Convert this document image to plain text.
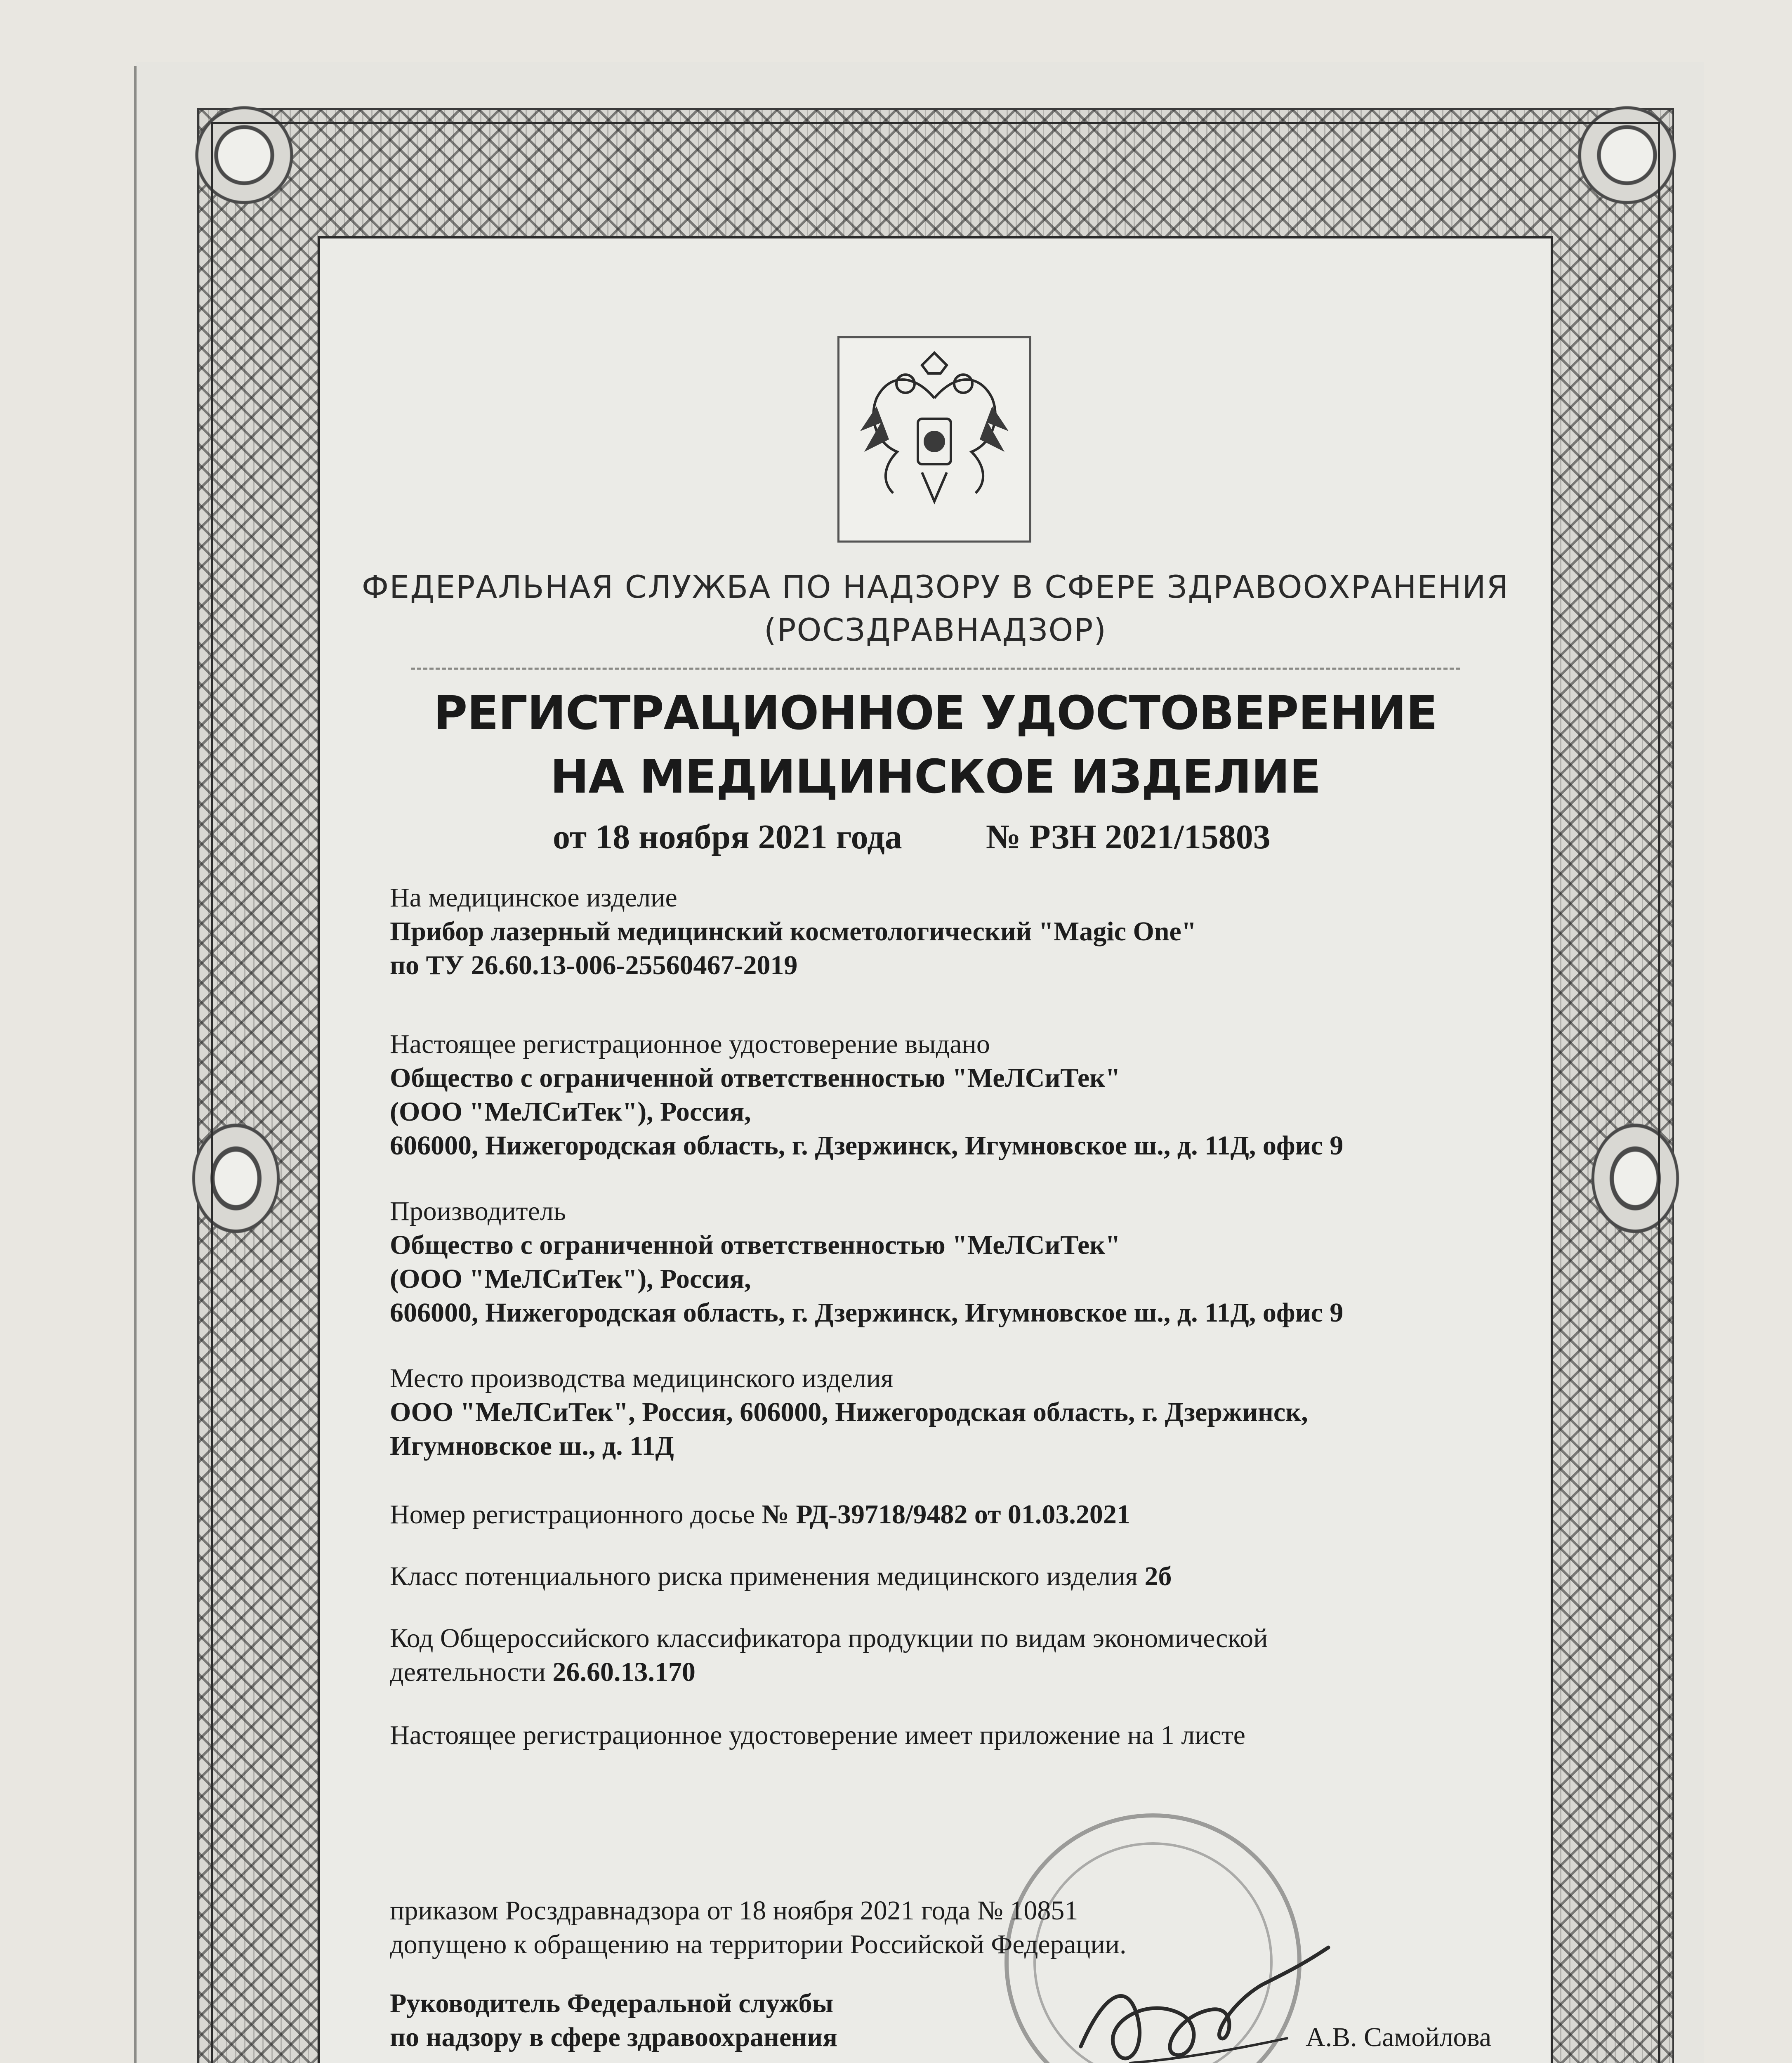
ФЕДЕРАЛЬНАЯ СЛУЖБА ПО НАДЗОРУ В СФЕРЕ ЗДРАВООХРАНЕНИЯ
(РОСЗДРАВНАДЗОР)
РЕГИСТРАЦИОННОЕ УДОСТОВЕРЕНИЕ
НА МЕДИЦИНСКОЕ ИЗДЕЛИЕ
от 18 ноября 2021 года № РЗН 2021/15803
На медицинское изделие
Прибор лазерный медицинский косметологический "Magic One"
по ТУ 26.60.13-006-25560467-2019
Настоящее регистрационное удостоверение выдано
Общество с ограниченной ответственностью "МеЛСиТек"
(ООО "МеЛСиТек"), Россия,
606000, Нижегородская область, г. Дзержинск, Игумновское ш., д. 11Д, офис 9
Производитель
Общество с ограниченной ответственностью "МеЛСиТек"
(ООО "МеЛСиТек"), Россия,
606000, Нижегородская область, г. Дзержинск, Игумновское ш., д. 11Д, офис 9
Место производства медицинского изделия
ООО "МеЛСиТек", Россия, 606000, Нижегородская область, г. Дзержинск,
Игумновское ш., д. 11Д
Номер регистрационного досье № РД-39718/9482 от 01.03.2021
Класс потенциального риска применения медицинского изделия 2б
Код Общероссийского классификатора продукции по видам экономической
деятельности 26.60.13.170
Настоящее регистрационное удостоверение имеет приложение на 1 листе
приказом Росздравнадзора от 18 ноября 2021 года № 10851
допущено к обращению на территории Российской Федерации.
Руководитель Федеральной службы
по надзору в сфере здравоохранения	А.В. Самойлова
